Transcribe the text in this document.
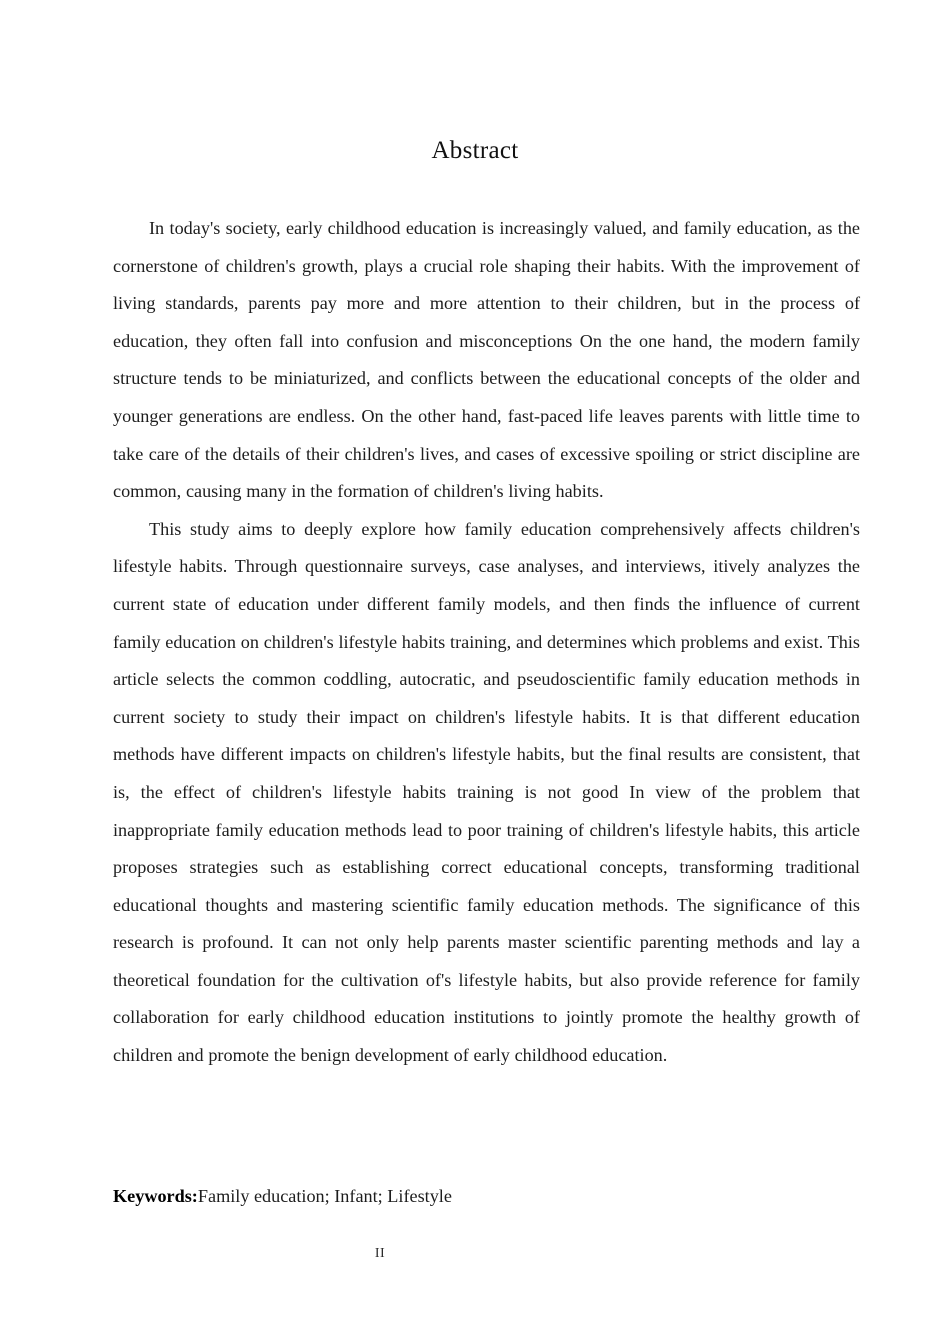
Abstract

In today's society, early childhood education is increasingly valued, and family education, as the cornerstone of children's growth, plays a crucial role shaping their habits. With the improvement of living standards, parents pay more and more attention to their children, but in the process of education, they often fall into confusion and misconceptions On the one hand, the modern family structure tends to be miniaturized, and conflicts between the educational concepts of the older and younger generations are endless. On the other hand, fast-paced life leaves parents with little time to take care of the details of their children's lives, and cases of excessive spoiling or strict discipline are common, causing many in the formation of children's living habits.

This study aims to deeply explore how family education comprehensively affects children's lifestyle habits. Through questionnaire surveys, case analyses, and interviews, itively analyzes the current state of education under different family models, and then finds the influence of current family education on children's lifestyle habits training, and determines which problems and exist. This article selects the common coddling, autocratic, and pseudoscientific family education methods in current society to study their impact on children's lifestyle habits. It is that different education methods have different impacts on children's lifestyle habits, but the final results are consistent, that is, the effect of children's lifestyle habits training is not good In view of the problem that inappropriate family education methods lead to poor training of children's lifestyle habits, this article proposes strategies such as establishing correct educational concepts, transforming traditional educational thoughts and mastering scientific family education methods. The significance of this research is profound. It can not only help parents master scientific parenting methods and lay a theoretical foundation for the cultivation of's lifestyle habits, but also provide reference for family collaboration for early childhood education institutions to jointly promote the healthy growth of children and promote the benign development of early childhood education.

Keywords:Family education; Infant; Lifestyle
II
